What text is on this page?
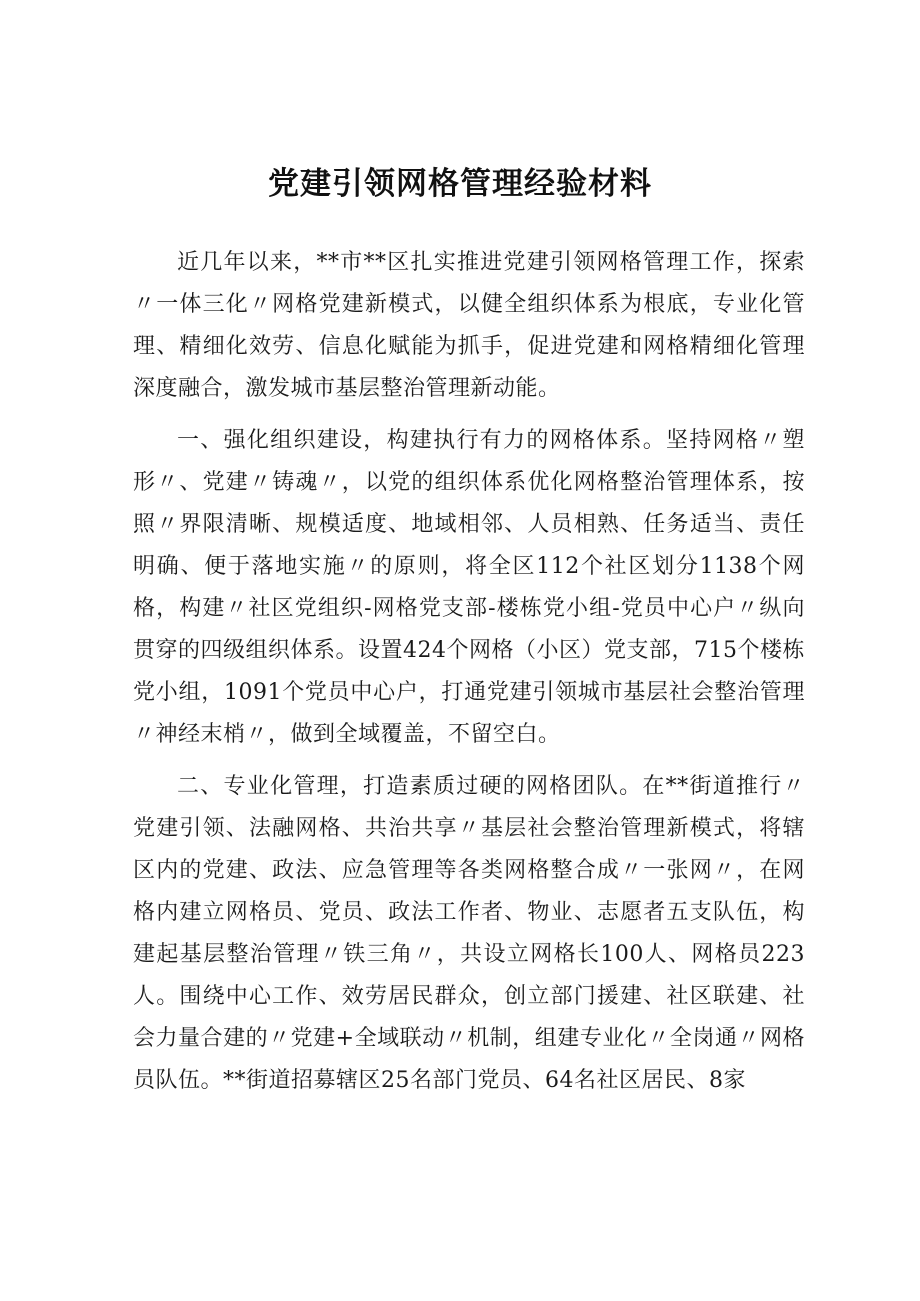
党建引领网格管理经验材料

近几年以来，**市**区扎实推进党建引领网格管理工作，探索〃一体三化〃网格党建新模式，以健全组织体系为根底，专业化管理、精细化效劳、信息化赋能为抓手，促进党建和网格精细化管理深度融合，激发城市基层整治管理新动能。

一、强化组织建设，构建执行有力的网格体系。坚持网格〃塑形〃、党建〃铸魂〃，以党的组织体系优化网格整治管理体系，按照〃界限清晰、规模适度、地域相邻、人员相熟、任务适当、责任明确、便于落地实施〃的原则，将全区112个社区划分1138个网格，构建〃社区党组织-网格党支部-楼栋党小组-党员中心户〃纵向贯穿的四级组织体系。设置424个网格（小区）党支部，715个楼栋党小组，1091个党员中心户，打通党建引领城市基层社会整治管理〃神经末梢〃，做到全域覆盖，不留空白。

二、专业化管理，打造素质过硬的网格团队。在**街道推行〃党建引领、法融网格、共治共享〃基层社会整治管理新模式，将辖区内的党建、政法、应急管理等各类网格整合成〃一张网〃，在网格内建立网格员、党员、政法工作者、物业、志愿者五支队伍，构建起基层整治管理〃铁三角〃，共设立网格长100人、网格员223人。围绕中心工作、效劳居民群众，创立部门援建、社区联建、社会力量合建的〃党建+全域联动〃机制，组建专业化〃全岗通〃网格员队伍。**街道招募辖区25名部门党员、64名社区居民、8家
